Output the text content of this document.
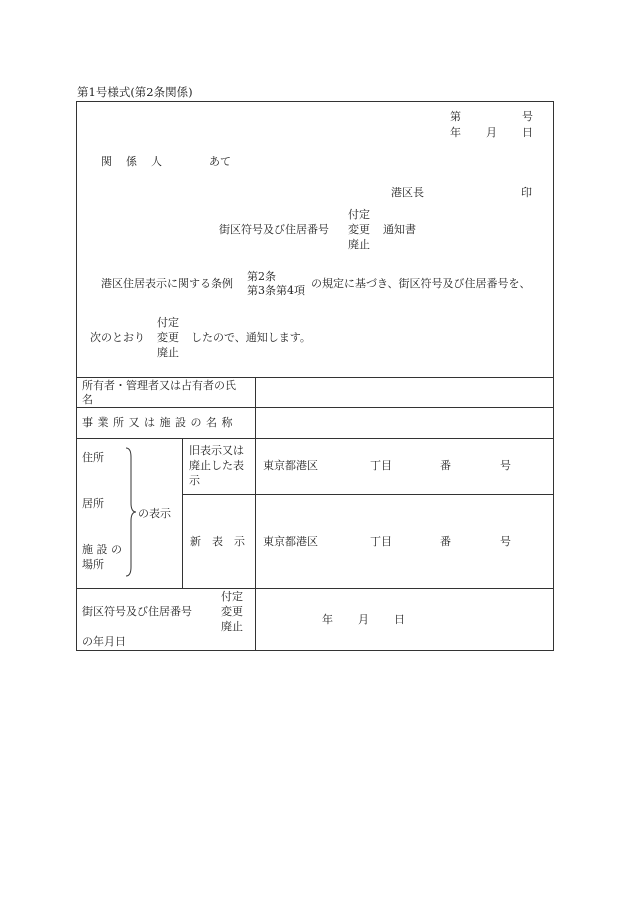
第1号様式(第2条関係)
第	号
年 月 日
関 係 人	あて
港区長	印
街区符号及び住居番号
付定
変更
廃止
通知書
港区住居表示に関する条例
第2条
第3条第4項
の規定に基づき、街区符号及び住居番号を、
次のとおり
付定
変更
廃止
したので、通知します。
所有者・管理者又は占有者の氏
名
事 業 所 又 は 施 設 の 名 称
住所
居所
施 設 の
場所
の表示
旧表示又は
廃止した表
示
東京都港区	丁目	番	号
新　表　示 東京都港区	丁目	番	号
街区符号及び住居番号
付定
変更
廃止
の年月日
年 月 日
